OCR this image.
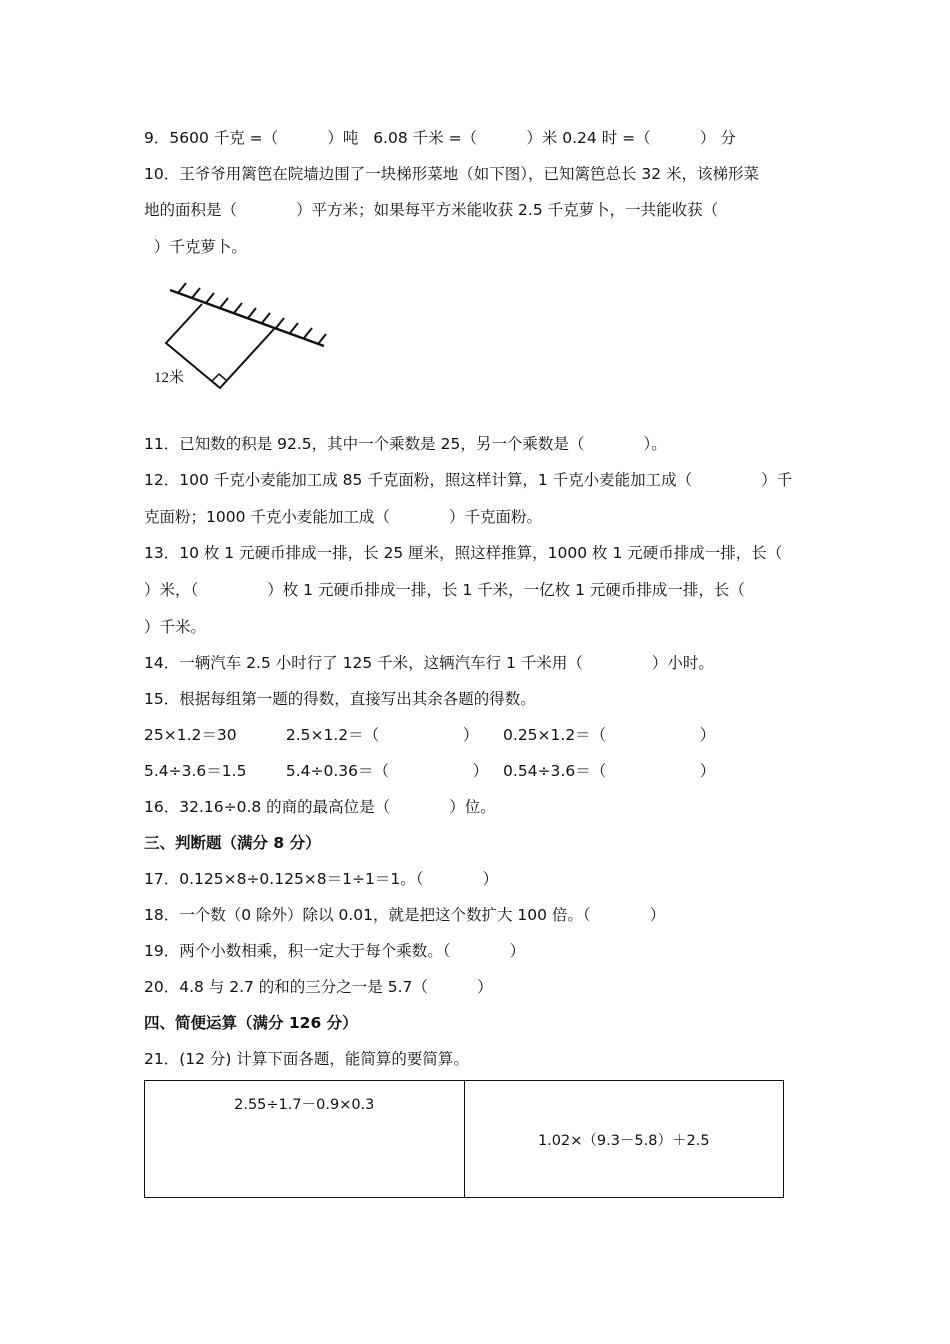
9．5600 千克 =（          ）吨   6.08 千米 =（          ）米 0.24 时 =（          ） 分
10．王爷爷用篱笆在院墙边围了一块梯形菜地（如下图），已知篱笆总长 32 米，该梯形菜
地的面积是（            ）平方米；如果每平方米能收获 2.5 千克萝卜，一共能收获（
）千克萝卜。
12米
11．已知数的积是 92.5，其中一个乘数是 25，另一个乘数是（            ）。
12．100 千克小麦能加工成 85 千克面粉，照这样计算，1 千克小麦能加工成（              ）千
克面粉；1000 千克小麦能加工成（            ）千克面粉。
13．10 枚 1 元硬币排成一排，长 25 厘米，照这样推算，1000 枚 1 元硬币排成一排，长（
）米，（              ）枚 1 元硬币排成一排，长 1 千米，一亿枚 1 元硬币排成一排，长（
）千米。
14．一辆汽车 2.5 小时行了 125 千米，这辆汽车行 1 千米用（              ）小时。
15．根据每组第一题的得数，直接写出其余各题的得数。
25×1.2＝30          2.5×1.2＝（                 ）     0.25×1.2＝（                   ）
5.4÷3.6＝1.5        5.4÷0.36＝（                 ）   0.54÷3.6＝（                   ）
16．32.16÷0.8 的商的最高位是（            ）位。
三、判断题（满分 8 分）
17．0.125×8÷0.125×8＝1÷1＝1。（            ）
18．一个数（0 除外）除以 0.01，就是把这个数扩大 100 倍。（            ）
19．两个小数相乘，积一定大于每个乘数。（            ）
20．4.8 与 2.7 的和的三分之一是 5.7（          ）
四、简便运算（满分 126 分）
21．(12 分) 计算下面各题，能简算的要简算。
2.55÷1.7－0.9×0.3	1.02×（9.3－5.8）＋2.5
